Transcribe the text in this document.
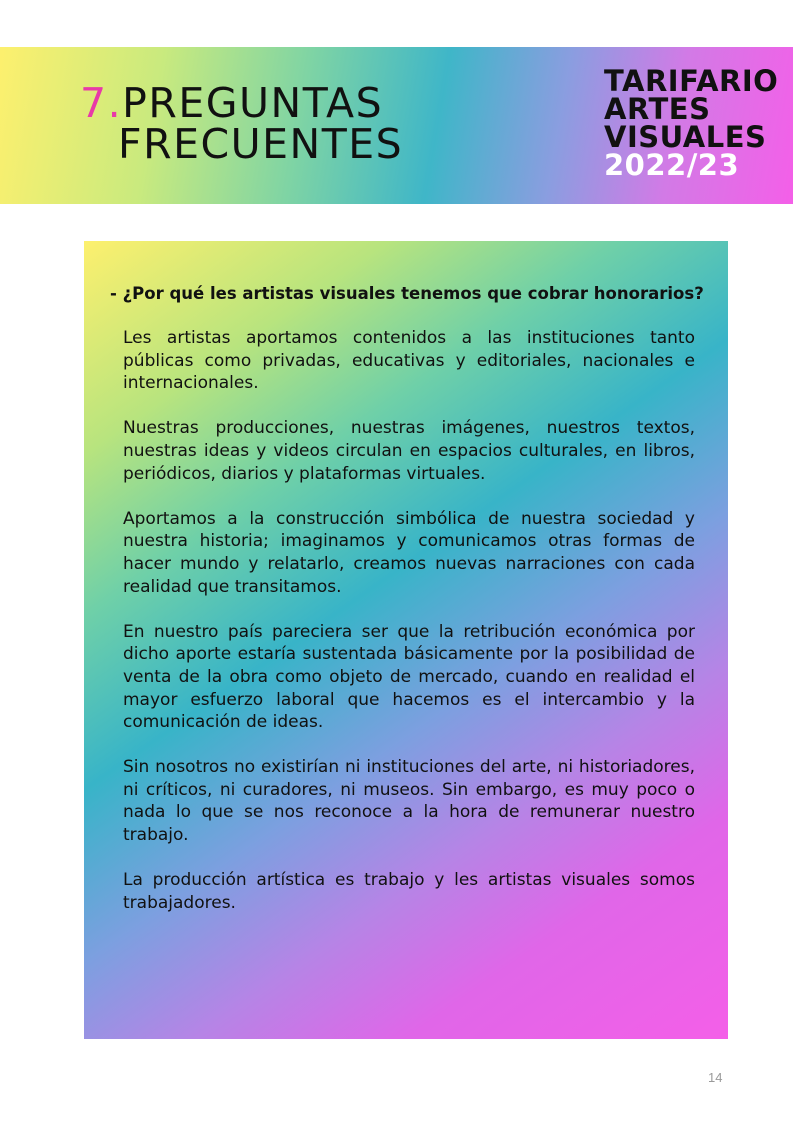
7.PREGUNTAS
FRECUENTES
TARIFARIO
ARTES
VISUALES
2022/23
- ¿Por qué les artistas visuales tenemos que cobrar honorarios?

Les artistas aportamos contenidos a las instituciones tanto públicas como privadas, educativas y editoriales, nacionales e internacionales.

Nuestras producciones, nuestras imágenes, nuestros textos, nuestras ideas y videos circulan en espacios culturales, en libros, periódicos, diarios y plataformas virtuales.

Aportamos a la construcción simbólica de nuestra sociedad y nuestra historia; imaginamos y comunicamos otras formas de hacer mundo y relatarlo, creamos nuevas narraciones con cada realidad que transitamos.

En nuestro país pareciera ser que la retribución económica por dicho aporte estaría sustentada básicamente por la posibilidad de venta de la obra como objeto de mercado, cuando en realidad el mayor esfuerzo laboral que hacemos es el intercambio y la comunicación de ideas.

Sin nosotros no existirían ni instituciones del arte, ni historiadores, ni críticos, ni curadores, ni museos. Sin embargo, es muy poco o nada lo que se nos reconoce a la hora de remunerar nuestro trabajo.

La producción artística es trabajo y les artistas visuales somos trabajadores.

14
